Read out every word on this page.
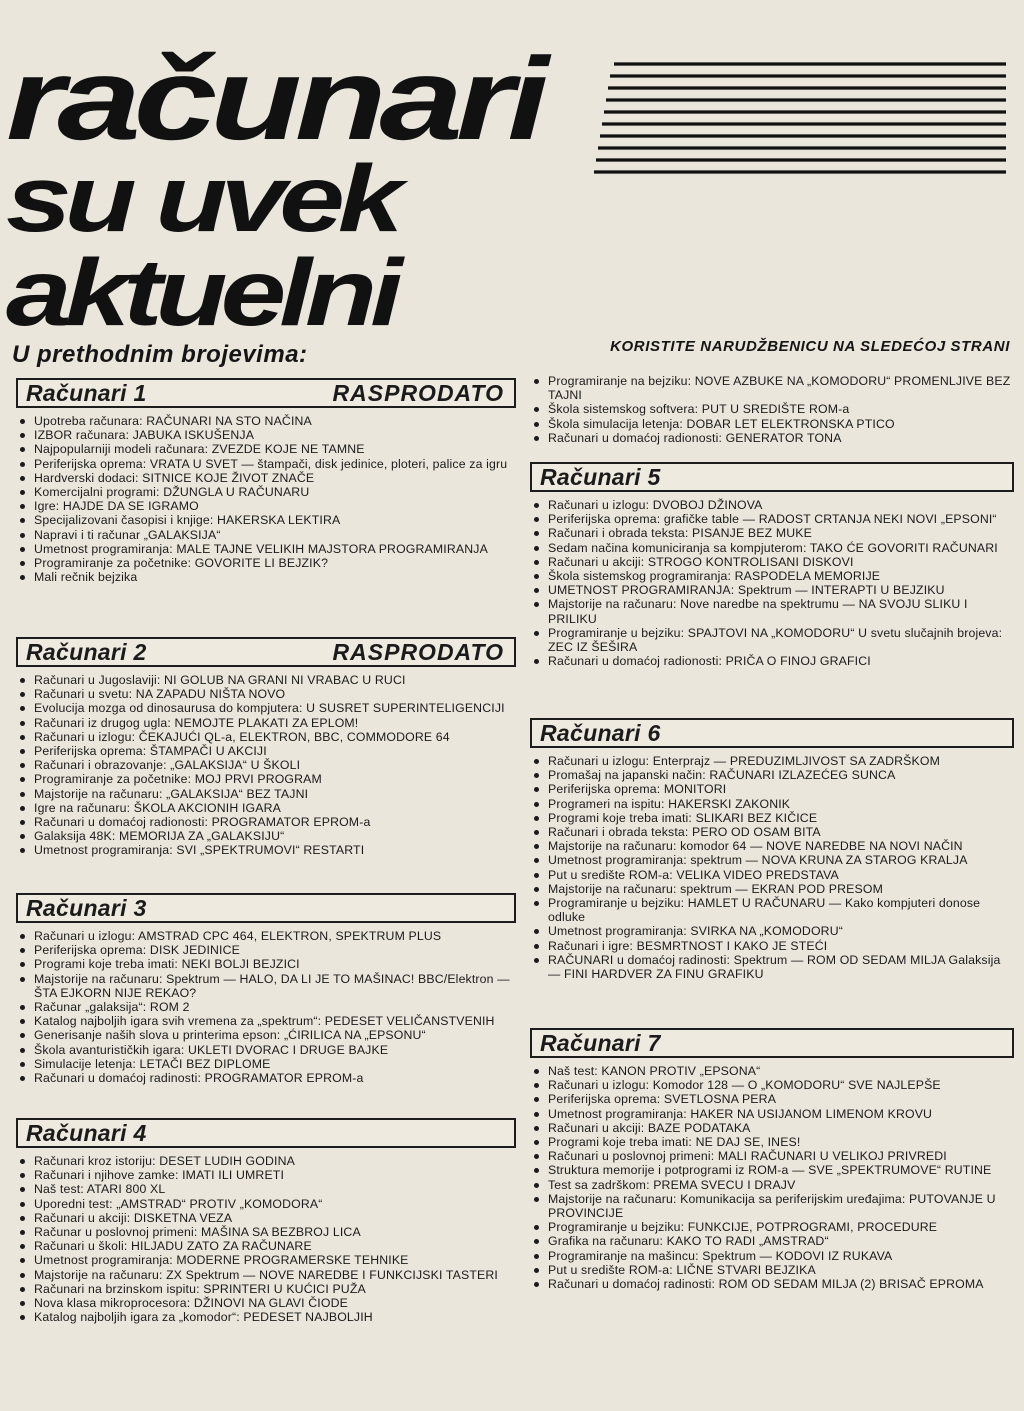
računari
su uvek
aktuelni
U prethodnim brojevima:	KORISTITE NARUDŽBENICU NA SLEDEĆOJ STRANI
Računari 1	RASPRODATO
Upotreba računara: RAČUNARI NA STO NAČINA
IZBOR računara: JABUKA ISKUŠENJA
Najpopularniji modeli računara: ZVEZDE KOJE NE TAMNE
Periferijska oprema: VRATA U SVET — štampači, disk jedinice, ploteri, palice za igru
Hardverski dodaci: SITNICE KOJE ŽIVOT ZNAČE
Komercijalni programi: DŽUNGLA U RAČUNARU
Igre: HAJDE DA SE IGRAMO
Specijalizovani časopisi i knjige: HAKERSKA LEKTIRA
Napravi i ti računar „GALAKSIJA“
Umetnost programiranja: MALE TAJNE VELIKIH MAJSTORA PROGRAMIRANJA
Programiranje za početnike: GOVORITE LI BEJZIK?
Mali rečnik bejzika
Računari 2	RASPRODATO
Računari u Jugoslaviji: NI GOLUB NA GRANI NI VRABAC U RUCI
Računari u svetu: NA ZAPADU NIŠTA NOVO
Evolucija mozga od dinosaurusa do kompjutera: U SUSRET SUPERINTELIGENCIJI
Računari iz drugog ugla: NEMOJTE PLAKATI ZA EPLOM!
Računari u izlogu: ČEKAJUĆI QL-a, ELEKTRON, BBC, COMMODORE 64
Periferijska oprema: ŠTAMPAČI U AKCIJI
Računari i obrazovanje: „GALAKSIJA“ U ŠKOLI
Programiranje za početnike: MOJ PRVI PROGRAM
Majstorije na računaru: „GALAKSIJA“ BEZ TAJNI
Igre na računaru: ŠKOLA AKCIONIH IGARA
Računari u domaćoj radionosti: PROGRAMATOR EPROM-a
Galaksija 48K: MEMORIJA ZA „GALAKSIJU“
Umetnost programiranja: SVI „SPEKTRUMOVI“ RESTARTI
Računari 3
Računari u izlogu: AMSTRAD CPC 464, ELEKTRON, SPEKTRUM PLUS
Periferijska oprema: DISK JEDINICE
Programi koje treba imati: NEKI BOLJI BEJZICI
Majstorije na računaru: Spektrum — HALO, DA LI JE TO MAŠINAC! BBC/Elektron — ŠTA EJKORN NIJE REKAO?
Računar „galaksija“: ROM 2
Katalog najboljih igara svih vremena za „spektrum“: PEDESET VELIČANSTVENIH
Generisanje naših slova u printerima epson: „ĆIRILICA NA „EPSONU“
Škola avanturističkih igara: UKLETI DVORAC I DRUGE BAJKE
Simulacije letenja: LETAČI BEZ DIPLOME
Računari u domaćoj radinosti: PROGRAMATOR EPROM-a
Računari 4
Računari kroz istoriju: DESET LUDIH GODINA
Računari i njihove zamke: IMATI ILI UMRETI
Naš test: ATARI 800 XL
Uporedni test: „AMSTRAD“ PROTIV „KOMODORA“
Računari u akciji: DISKETNA VEZA
Računar u poslovnoj primeni: MAŠINA SA BEZBROJ LICA
Računari u školi: HILJADU ZATO ZA RAČUNARE
Umetnost programiranja: MODERNE PROGRAMERSKE TEHNIKE
Majstorije na računaru: ZX Spektrum — NOVE NAREDBE I FUNKCIJSKI TASTERI
Računari na brzinskom ispitu: SPRINTERI U KUĆICI PUŽA
Nova klasa mikroprocesora: DŽINOVI NA GLAVI ČIODE
Katalog najboljih igara za „komodor“: PEDESET NAJBOLJIH
Programiranje na bejziku: NOVE AZBUKE NA „KOMODORU“ PROMENLJIVE BEZ TAJNI
Škola sistemskog softvera: PUT U SREDIŠTE ROM-a
Škola simulacija letenja: DOBAR LET ELEKTRONSKA PTICO
Računari u domaćoj radionosti: GENERATOR TONA
Računari 5
Računari u izlogu: DVOBOJ DŽINOVA
Periferijska oprema: grafičke table — RADOST CRTANJA NEKI NOVI „EPSONI“
Računari i obrada teksta: PISANJE BEZ MUKE
Sedam načina komuniciranja sa kompjuterom: TAKO ĆE GOVORITI RAČUNARI
Računari u akciji: STROGO KONTROLISANI DISKOVI
Škola sistemskog programiranja: RASPODELA MEMORIJE
UMETNOST PROGRAMIRANJA: Spektrum — INTERAPTI U BEJZIKU
Majstorije na računaru: Nove naredbe na spektrumu — NA SVOJU SLIKU I PRILIKU
Programiranje u bejziku: SPAJTOVI NA „KOMODORU“ U svetu slučajnih brojeva: ZEC IZ ŠEŠIRA
Računari u domaćoj radionosti: PRIČA O FINOJ GRAFICI
Računari 6
Računari u izlogu: Enterprajz — PREDUZIMLJIVOST SA ZADRŠKOM
Promašaj na japanski način: RAČUNARI IZLAZEĆEG SUNCA
Periferijska oprema: MONITORI
Programeri na ispitu: HAKERSKI ZAKONIK
Programi koje treba imati: SLIKARI BEZ KIČICE
Računari i obrada teksta: PERO OD OSAM BITA
Majstorije na računaru: komodor 64 — NOVE NAREDBE NA NOVI NAČIN
Umetnost programiranja: spektrum — NOVA KRUNA ZA STAROG KRALJA
Put u središte ROM-a: VELIKA VIDEO PREDSTAVA
Majstorije na računaru: spektrum — EKRAN POD PRESOM
Programiranje u bejziku: HAMLET U RAČUNARU — Kako kompjuteri donose odluke
Umetnost programiranja: SVIRKA NA „KOMODORU“
Računari i igre: BESMRTNOST I KAKO JE STEĆI
RAČUNARI u domaćoj radinosti: Spektrum — ROM OD SEDAM MILJA Galaksija — FINI HARDVER ZA FINU GRAFIKU
Računari 7
Naš test: KANON PROTIV „EPSONA“
Računari u izlogu: Komodor 128 — O „KOMODORU“ SVE NAJLEPŠE
Periferijska oprema: SVETLOSNA PERA
Umetnost programiranja: HAKER NA USIJANOM LIMENOM KROVU
Računari u akciji: BAZE PODATAKA
Programi koje treba imati: NE DAJ SE, INES!
Računari u poslovnoj primeni: MALI RAČUNARI U VELIKOJ PRIVREDI
Struktura memorije i potprogrami iz ROM-a — SVE „SPEKTRUMOVE“ RUTINE
Test sa zadrškom: PREMA SVECU I DRAJV
Majstorije na računaru: Komunikacija sa periferijskim uređajima: PUTOVANJE U PROVINCIJE
Programiranje u bejziku: FUNKCIJE, POTPROGRAMI, PROCEDURE
Grafika na računaru: KAKO TO RADI „AMSTRAD“
Programiranje na mašincu: Spektrum — KODOVI IZ RUKAVA
Put u središte ROM-a: LIČNE STVARI BEJZIKA
Računari u domaćoj radinosti: ROM OD SEDAM MILJA (2) BRISAČ EPROMA
